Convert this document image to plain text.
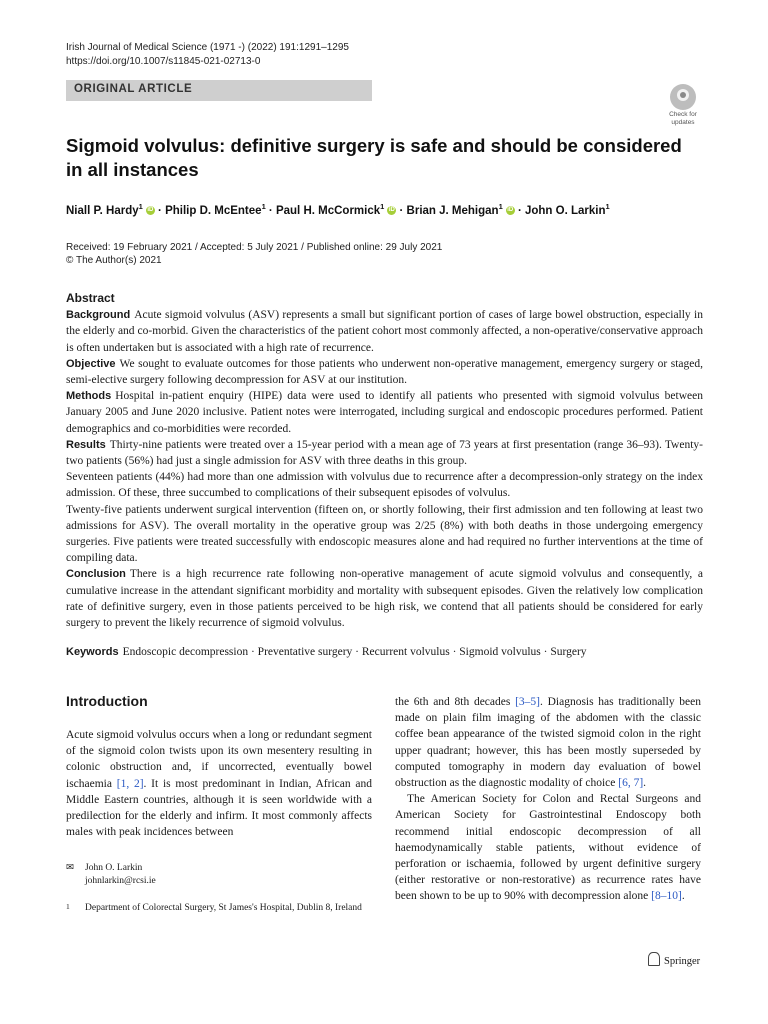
Irish Journal of Medical Science (1971 -) (2022) 191:1291–1295
https://doi.org/10.1007/s11845-021-02713-0
ORIGINAL ARTICLE
Check for
updates
Sigmoid volvulus: definitive surgery is safe and should be considered in all instances
Niall P. Hardy$^1$ iD · Philip D. McEntee$^1$ · Paul H. McCormick$^1$ iD · Brian J. Mehigan$^1$ iD · John O. Larkin$^1$
Received: 19 February 2021 / Accepted: 5 July 2021 / Published online: 29 July 2021
© The Author(s) 2021
Abstract

Background Acute sigmoid volvulus (ASV) represents a small but significant portion of cases of large bowel obstruction, especially in the elderly and co-morbid. Given the characteristics of the patient cohort most commonly affected, a non-operative/conservative approach is often undertaken but is associated with a high rate of recurrence.

Objective We sought to evaluate outcomes for those patients who underwent non-operative management, emergency surgery or staged, semi-elective surgery following decompression for ASV at our institution.

Methods Hospital in-patient enquiry (HIPE) data were used to identify all patients who presented with sigmoid volvulus between January 2005 and June 2020 inclusive. Patient notes were interrogated, including surgical and endoscopic procedures performed. Patient demographics and co-morbidities were recorded.

Results Thirty-nine patients were treated over a 15-year period with a mean age of 73 years at first presentation (range 36–93). Twenty-two patients (56%) had just a single admission for ASV with three deaths in this group.

Seventeen patients (44%) had more than one admission with volvulus due to recurrence after a decompression-only strategy on the index admission. Of these, three succumbed to complications of their subsequent episodes of volvulus.

Twenty-five patients underwent surgical intervention (fifteen on, or shortly following, their first admission and ten following at least two admissions for ASV). The overall mortality in the operative group was 2/25 (8%) with both deaths in those undergoing emergency surgeries. Five patients were treated successfully with endoscopic measures alone and had required no further interventions at the time of compiling data.

Conclusion There is a high recurrence rate following non-operative management of acute sigmoid volvulus and consequently, a cumulative increase in the attendant significant morbidity and mortality with subsequent episodes. Given the relatively low complication rate of definitive surgery, even in those patients perceived to be high risk, we contend that all patients should be considered for early surgery to prevent the likely recurrence of sigmoid volvulus.

Keywords Endoscopic decompression · Preventative surgery · Recurrent volvulus · Sigmoid volvulus · Surgery
Introduction

Acute sigmoid volvulus occurs when a long or redundant segment of the sigmoid colon twists upon its own mesentery resulting in colonic obstruction and, if uncorrected, eventually bowel ischaemia [1, 2]. It is most predominant in Indian, African and Middle Eastern countries, although it is seen worldwide with a predilection for the elderly and infirm. It most commonly affects males with peak incidences between

the 6th and 8th decades [3–5]. Diagnosis has traditionally been made on plain film imaging of the abdomen with the classic coffee bean appearance of the twisted sigmoid colon in the right upper quadrant; however, this has been mostly superseded by computed tomography in modern day evaluation of bowel obstruction as the diagnostic modality of choice [6, 7].

The American Society for Colon and Rectal Surgeons and American Society for Gastrointestinal Endoscopy both recommend initial endoscopic decompression of all haemodynamically stable patients, without evidence of perforation or ischaemia, followed by urgent definitive surgery (either restorative or non-restorative) as recurrence rates have been shown to be up to 90% with decompression alone [8–10].

✉	John O. Larkin
johnlarkin@rcsi.ie
1	Department of Colorectal Surgery, St James's Hospital, Dublin 8, Ireland
Springer
